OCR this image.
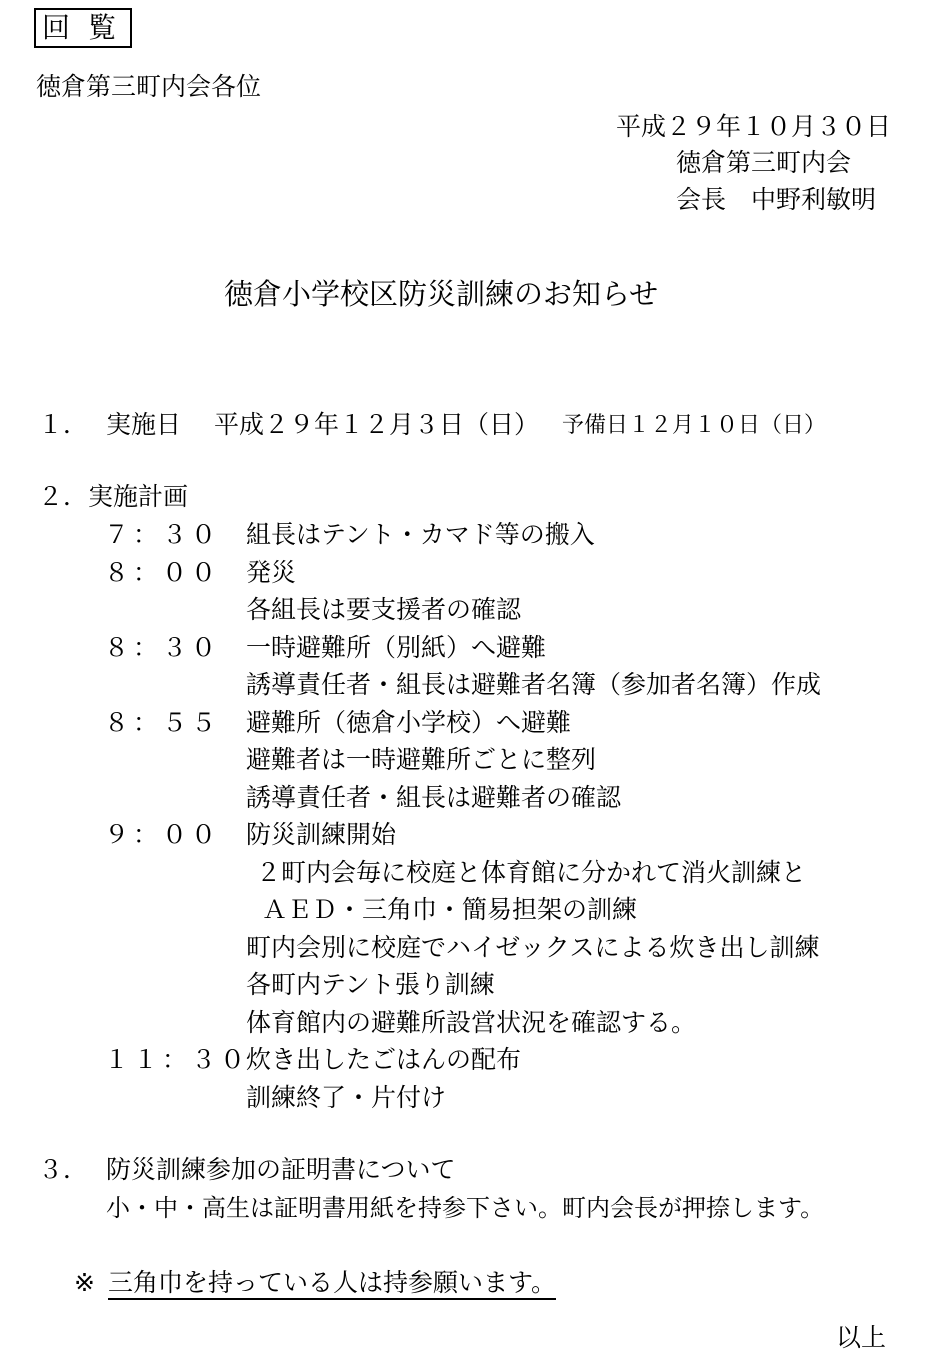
回覧
徳倉第三町内会各位
平成２９年１０月３０日
徳倉第三町内会
会長　中野利敏明
徳倉小学校区防災訓練のお知らせ
１． 実施日 平成２９年１２月３日（日） 予備日１２月１０日（日）
２．実施計画
７：３０ 組長はテント・カマド等の搬入
８：００ 発災
各組長は要支援者の確認
８：３０ 一時避難所（別紙）へ避難
誘導責任者・組長は避難者名簿（参加者名簿）作成
８：５５ 避難所（徳倉小学校）へ避難
避難者は一時避難所ごとに整列
誘導責任者・組長は避難者の確認
９：００ 防災訓練開始
２町内会毎に校庭と体育館に分かれて消火訓練と
ＡＥＤ・三角巾・簡易担架の訓練
町内会別に校庭でハイゼックスによる炊き出し訓練
各町内テント張り訓練
体育館内の避難所設営状況を確認する。
１１：３０
炊き出したごはんの配布
訓練終了・片付け
３． 防災訓練参加の証明書について
小・中・高生は証明書用紙を持参下さい。町内会長が押捺します。
※ 三角巾を持っている人は持参願います。
以上
